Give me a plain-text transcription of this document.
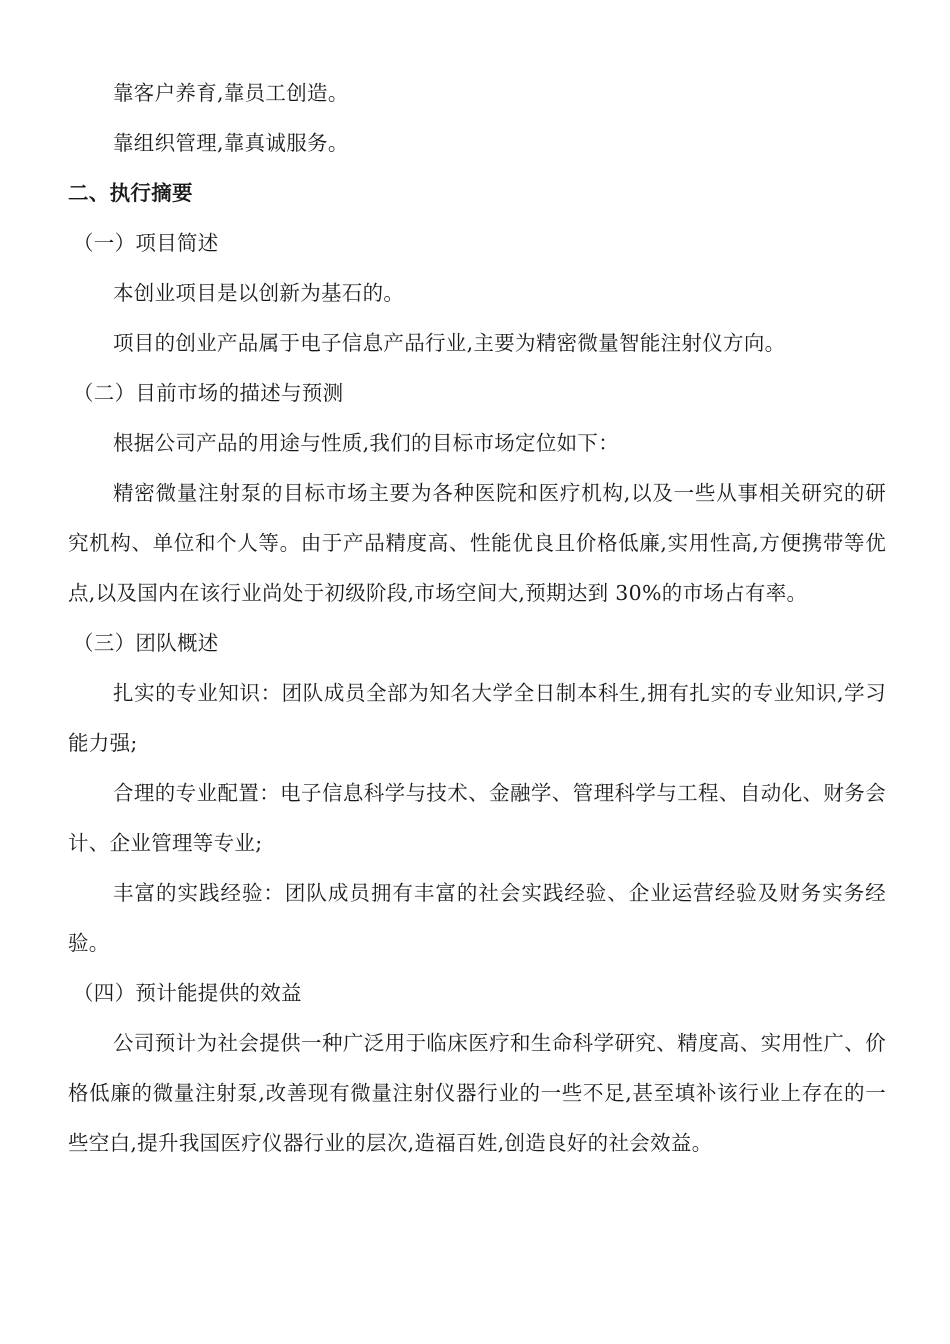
靠客户养育,靠员工创造。
靠组织管理,靠真诚服务。
二、执行摘要
（一）项目简述
本创业项目是以创新为基石的。
项目的创业产品属于电子信息产品行业,主要为精密微量智能注射仪方向。
（二）目前市场的描述与预测
根据公司产品的用途与性质,我们的目标市场定位如下：
精密微量注射泵的目标市场主要为各种医院和医疗机构,以及一些从事相关研究的研究机构、单位和个人等。由于产品精度高、性能优良且价格低廉,实用性高,方便携带等优点,以及国内在该行业尚处于初级阶段,市场空间大,预期达到 30%的市场占有率。
（三）团队概述
扎实的专业知识：团队成员全部为知名大学全日制本科生,拥有扎实的专业知识,学习能力强;
合理的专业配置：电子信息科学与技术、金融学、管理科学与工程、自动化、财务会计、企业管理等专业;
丰富的实践经验：团队成员拥有丰富的社会实践经验、企业运营经验及财务实务经验。
（四）预计能提供的效益
公司预计为社会提供一种广泛用于临床医疗和生命科学研究、精度高、实用性广、价格低廉的微量注射泵,改善现有微量注射仪器行业的一些不足,甚至填补该行业上存在的一些空白,提升我国医疗仪器行业的层次,造福百姓,创造良好的社会效益。
